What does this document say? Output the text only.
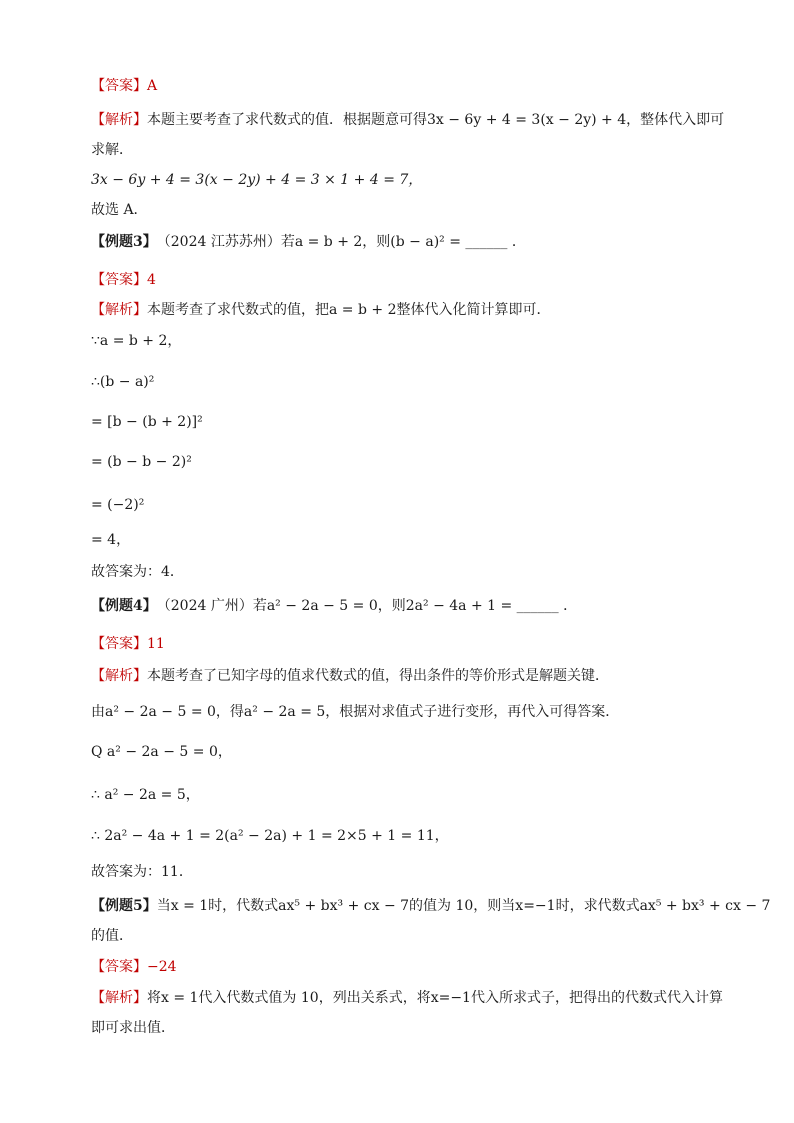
【答案】 A
【解析】 本题主要考查了求代数式的值．根据题意可得3x − 6y + 4 = 3(x − 2y) + 4，整体代入即可
求解．
3x − 6y + 4 = 3(x − 2y) + 4 = 3 × 1 + 4 = 7，
故选 A．
【例题3】 （2024 江苏苏州）若a = b + 2，则(b − a)² = ______ ．
【答案】 4
【解析】 本题考查了求代数式的值，把a = b + 2整体代入化简计算即可．
∵a = b + 2，
∴(b − a)²
= [b − (b + 2)]²
= (b − b − 2)²
= (−2)²
= 4，
故答案为：4．
【例题4】 （2024 广州）若a² − 2a − 5 = 0，则2a² − 4a + 1 = ______ ．
【答案】 11
【解析】 本题考查了已知字母的值求代数式的值，得出条件的等价形式是解题关键．
由a² − 2a − 5 = 0，得a² − 2a = 5，根据对求值式子进行变形，再代入可得答案．
Q a² − 2a − 5 = 0，
∴ a² − 2a = 5，
∴ 2a² − 4a + 1 = 2(a² − 2a) + 1 = 2×5 + 1 = 11，
故答案为：11．
【例题5】 当x = 1时，代数式ax⁵ + bx³ + cx − 7的值为 10，则当x=−1时，求代数式ax⁵ + bx³ + cx − 7
的值．
【答案】 −24
【解析】 将x = 1代入代数式值为 10，列出关系式，将x=−1代入所求式子，把得出的代数式代入计算
即可求出值．
